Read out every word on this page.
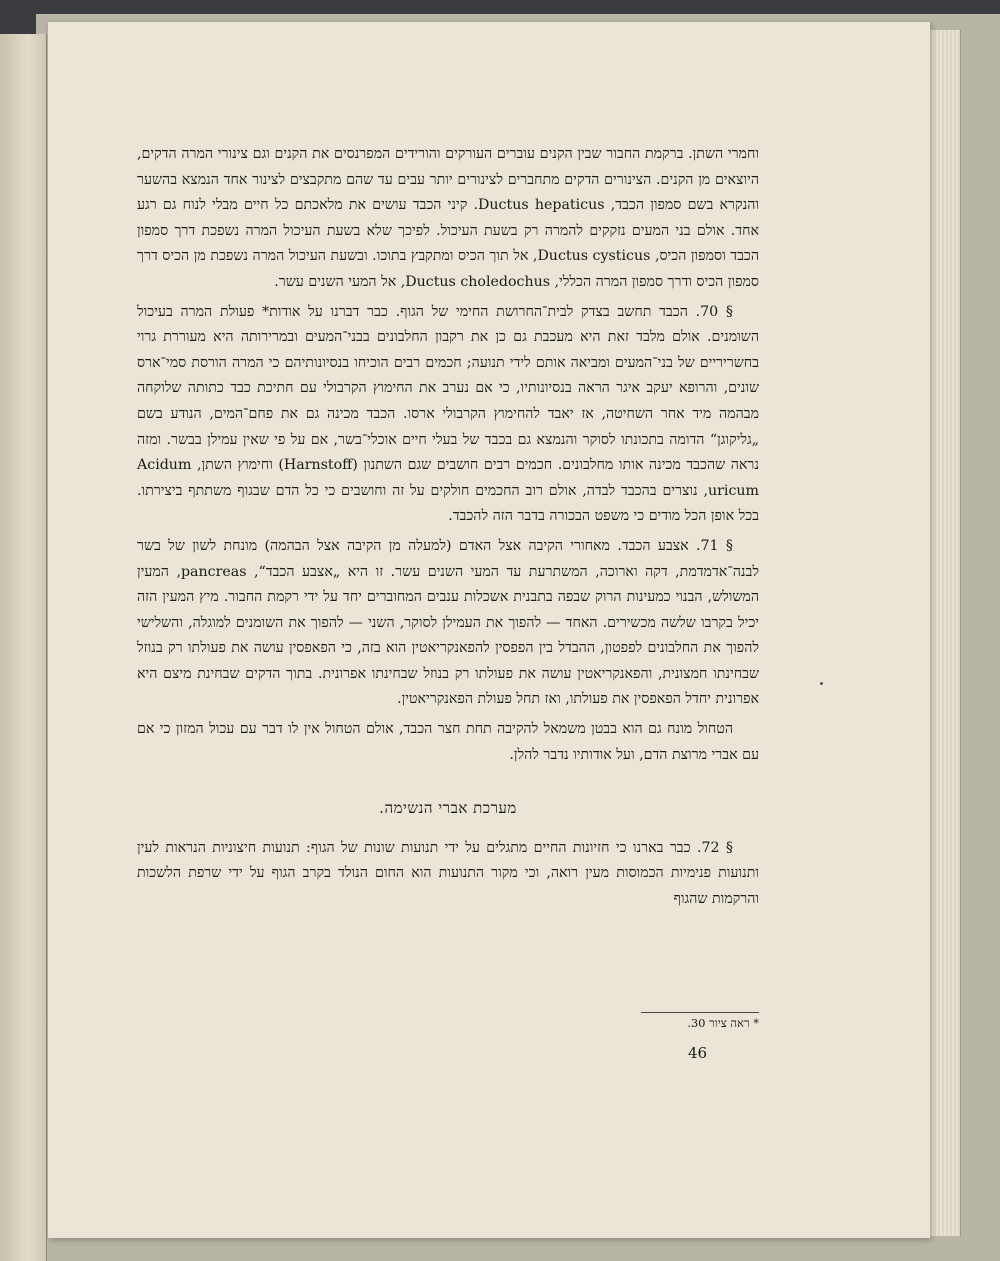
וחמרי השתן. ברקמת החבור שבין הקנים עוברים העורקים והורידים המפרנסים את הקנים וגם צינורי המרה הדקים, היוצאים מן הקנים. הצינורים הדקים מתחברים לצינורים יותר עבים עד שהם מתקבצים לצינור אחד הנמצא בהשער והנקרא בשם סמפון הכבד, Ductus hepaticus. קיני הכבד עושים את מלאכתם כל חיים מבלי לנוח גם רגע אחד. אולם בני המעים נזקקים להמרה רק בשעת העיכול. לפיכך שלא בשעת העיכול המרה נשפכת דרך סמפון הכבד וסמפון הכיס, Ductus cysticus, אל תוך הכיס ומתקבץ בתוכו. ובשעת העיכול המרה נשפכת מן הכיס דרך סמפון הכיס ודרך סמפון המרה הכללי, Ductus choledochus, אל המעי השנים עשר.

§ 70. הכבד תחשב בצדק לבית־החרושת החימי של הגוף. כבר דברנו על אודות* פעולת המרה בעיכול השומנים. אולם מלבד זאת היא מעכבת גם כן את רקבון החלבונים בבני־המעים ובמרירותה היא מעוררת גרוי בחשריריים של בני־המעים ומביאה אותם לידי תנועה; חכמים רבים הוכיחו בנסיונותיהם כי המרה הורסת סמי־ארס שונים, והרופא יעקב איגר הראה בנסיונותיו, כי אם נערב את החימוץ הקרבולי עם חתיכת כבד כתותה שלוקחה מבהמה מיד אחר השחיטה, אז יאבד להחימוץ הקרבולי ארסו. הכבד מכינה גם את פחם־המים, הנודע בשם „גליקוגן“ הדומה בתכונתו לסוקר והנמצא גם בכבד של בעלי חיים אוכלי־בשר, אם על פי שאין עמילן בבשר. ומזה נראה שהכבד מכינה אותו מחלבונים. חכמים רבים חושבים שגם השתנון (Harnstoff) וחימוץ השתן, Acidum uricum, נוצרים בהכבד לבדה, אולם רוב החכמים חולקים על זה וחושבים כי כל הדם שבגוף משתתף ביצירתו. בכל אופן הכל מודים כי משפט הבכורה בדבר הזה להכבד.

§ 71. אצבע הכבד. מאחורי הקיבה אצל האדם (למעלה מן הקיבה אצל הבהמה) מונחת לשון של בשר לבנה־אדמדמת, דקה וארוכה, המשתרעת עד המעי השנים עשר. זו היא „אצבע הכבד“, pancreas, המעין המשולש, הבנוי כמעינות הרוק שבפה בתבנית אשכלות ענבים המחוברים יחד על ידי רקמת החבור. מיץ המעין הזה יכיל בקרבו שלשה מכשירים. האחד — להפוך את העמילן לסוקר, השני — להפוך את השומנים למוגלה, והשלישי להפוך את החלבונים לפפטון, ההבדל בין הפפסין להפאנקריאטין הוא בזה, כי הפאפסין עושה את פעולתו רק בנוזל שבחינתו חמצונית, והפאנקריאטין עושה את פעולתו רק בנוזל שבחינתו אפרונית. בתוך הדקים שבחינת מיצם היא אפרונית יחדל הפאפסין את פעולתו, ואז תחל פעולת הפאנקריאטין.

הטחול מונח גם הוא בבטן משמאל להקיבה תחת חצר הכבד, אולם הטחול אין לו דבר עם עכול המזון כי אם עם אברי מרוצת הדם, ועל אודותיו נדבר להלן.

מערכת אברי הנשימה.

§ 72. כבר בארנו כי חזיונות החיים מתגלים על ידי תנועות שונות של הגוף: תנועות חיצוניות הנראות לעין ותנועות פנימיות הכמוסות מעין רואה, וכי מקור התנועות הוא החום הנולד בקרב הגוף על ידי שרפת הלשכות והרקמות שהגוף

* ראה ציור 30.
46
